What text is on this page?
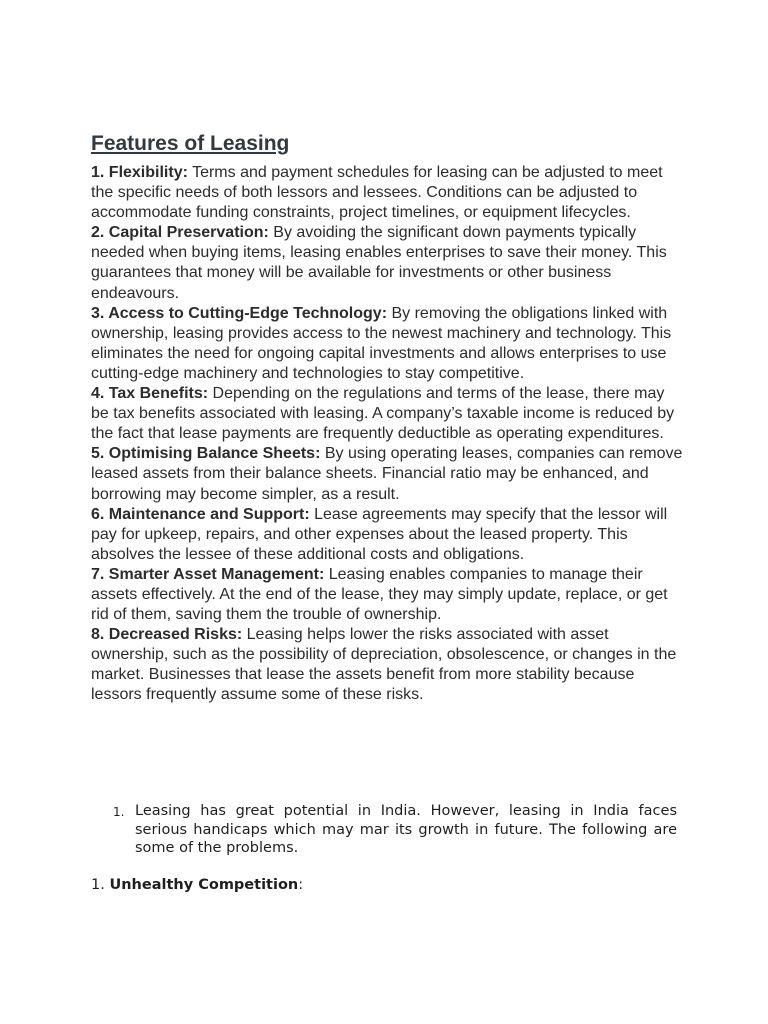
Features of Leasing

1. Flexibility: Terms and payment schedules for leasing can be adjusted to meet the specific needs of both lessors and lessees. Conditions can be adjusted to accommodate funding constraints, project timelines, or equipment lifecycles.

2. Capital Preservation: By avoiding the significant down payments typically needed when buying items, leasing enables enterprises to save their money. This guarantees that money will be available for investments or other business endeavours.

3. Access to Cutting-Edge Technology: By removing the obligations linked with ownership, leasing provides access to the newest machinery and technology. This eliminates the need for ongoing capital investments and allows enterprises to use cutting-edge machinery and technologies to stay competitive.

4. Tax Benefits: Depending on the regulations and terms of the lease, there may be tax benefits associated with leasing. A company’s taxable income is reduced by the fact that lease payments are frequently deductible as operating expenditures.

5. Optimising Balance Sheets: By using operating leases, companies can remove leased assets from their balance sheets. Financial ratio may be enhanced, and borrowing may become simpler, as a result.

6. Maintenance and Support: Lease agreements may specify that the lessor will pay for upkeep, repairs, and other expenses about the leased property. This absolves the lessee of these additional costs and obligations.

7. Smarter Asset Management: Leasing enables companies to manage their assets effectively. At the end of the lease, they may simply update, replace, or get rid of them, saving them the trouble of ownership.

8. Decreased Risks: Leasing helps lower the risks associated with asset ownership, such as the possibility of depreciation, obsolescence, or changes in the market. Businesses that lease the assets benefit from more stability because lessors frequently assume some of these risks.

1. Leasing has great potential in India. However, leasing in India faces serious handicaps which may mar its growth in future. The following are some of the problems.
1. Unhealthy Competition:
